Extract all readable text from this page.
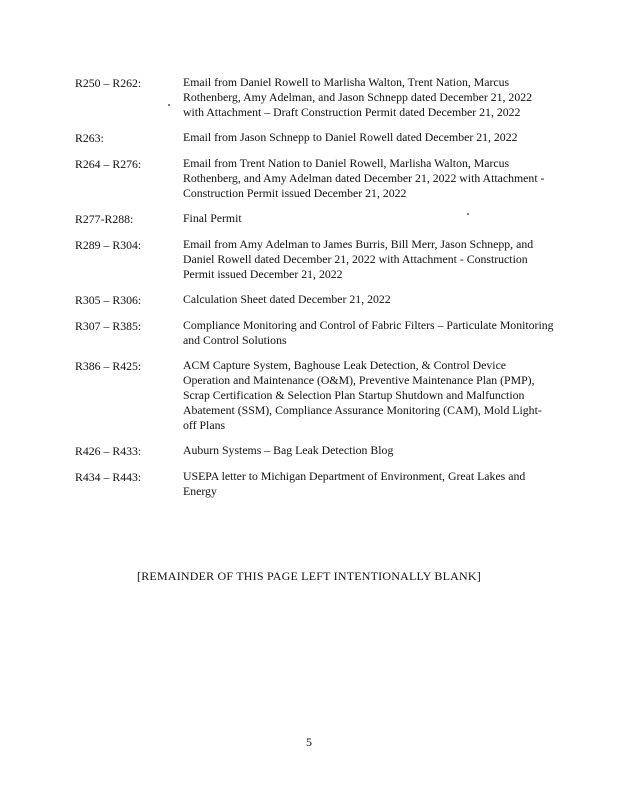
R250 – R262:	Email from Daniel Rowell to Marlisha Walton, Trent Nation, Marcus Rothenberg, Amy Adelman, and Jason Schnepp dated December 21, 2022 with Attachment – Draft Construction Permit dated December 21, 2022
R263:	Email from Jason Schnepp to Daniel Rowell dated December 21, 2022
R264 – R276:	Email from Trent Nation to Daniel Rowell, Marlisha Walton, Marcus Rothenberg, and Amy Adelman dated December 21, 2022 with Attachment - Construction Permit issued December 21, 2022
R277-R288:	Final Permit
R289 – R304:	Email from Amy Adelman to James Burris, Bill Merr, Jason Schnepp, and Daniel Rowell dated December 21, 2022 with Attachment - Construction Permit issued December 21, 2022
R305 – R306:	Calculation Sheet dated December 21, 2022
R307 – R385:	Compliance Monitoring and Control of Fabric Filters – Particulate Monitoring and Control Solutions
R386 – R425:	ACM Capture System, Baghouse Leak Detection, & Control Device Operation and Maintenance (O&M), Preventive Maintenance Plan (PMP), Scrap Certification & Selection Plan Startup Shutdown and Malfunction Abatement (SSM), Compliance Assurance Monitoring (CAM), Mold Light-off Plans
R426 – R433:	Auburn Systems – Bag Leak Detection Blog
R434 – R443:	USEPA letter to Michigan Department of Environment, Great Lakes and Energy
[REMAINDER OF THIS PAGE LEFT INTENTIONALLY BLANK]
5
